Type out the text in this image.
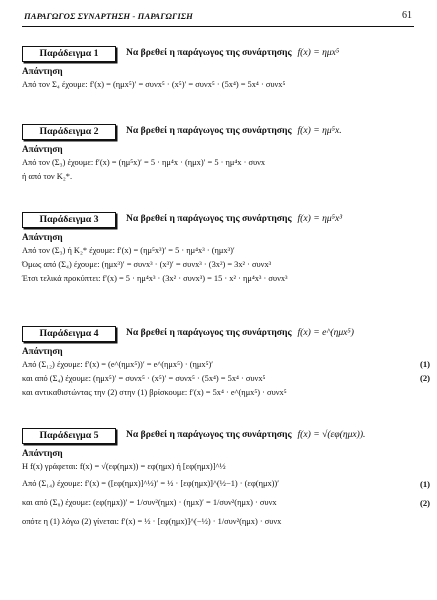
ΠΑΡΑΓΩΓΟΣ ΣΥΝΑΡΤΗΣΗ - ΠΑΡΑΓΩΓΙΣΗ	61
Παράδειγμα 1	Να βρεθεί η παράγωγος της συνάρτησης f(x) = ημx⁵
Απάντηση
Από τον Σ₄ έχουμε: f′(x) = (ημx⁵)′ = συνx⁵ · (x⁵)′ = συνx⁵ · (5x⁴) = 5x⁴ · συνx⁵
Παράδειγμα 2	Να βρεθεί η παράγωγος της συνάρτησης f(x) = ημ⁵x.
Απάντηση
Από τον (Σ₃) έχουμε: f′(x) = (ημ⁵x)′ = 5 · ημ⁴x · (ημx)′ = 5 · ημ⁴x · συνx
ή από τον K₂*.
Παράδειγμα 3	Να βρεθεί η παράγωγος της συνάρτησης f(x) = ημ⁵x³
Απάντηση
Από τον (Σ₃) ή K₂* έχουμε: f′(x) = (ημ⁵x³)′ = 5 · ημ⁴x³ · (ημx³)′
Όμως από (Σ₄) έχουμε: (ημx³)′ = συνx³ · (x³)′ = συνx³ · (3x²) = 3x² · συνx³
Έτσι τελικά προκύπτει: f′(x) = 5 · ημ⁴x³ · (3x² · συνx³) = 15 · x² · ημ⁴x³ · συνx³
Παράδειγμα 4	Να βρεθεί η παράγωγος της συνάρτησης f(x) = e^(ημx⁵)
Απάντηση
Από (Σ₁₂) έχουμε: f′(x) = (e^(ημx⁵))′ = e^(ημx⁵) · (ημx⁵)′	(1)
και από (Σ₄) έχουμε: (ημx⁵)′ = συνx⁵ · (x⁵)′ = συνx⁵ · (5x⁴) = 5x⁴ · συνx⁵	(2)
και αντικαθιστώντας την (2) στην (1) βρίσκουμε: f′(x) = 5x⁴ · e^(ημx⁵) · συνx⁵
Παράδειγμα 5	Να βρεθεί η παράγωγος της συνάρτησης f(x) = √(εφ(ημx)).
Απάντηση
Η f(x) γράφεται: f(x) = √(εφ(ημx)) = εφ(ημx) ή [εφ(ημx)]^½
Από (Σ₁₄) έχουμε: f′(x) = ([εφ(ημx)]^½)′ = ½ · [εφ(ημx)]^(½−1) · (εφ(ημx))′	(1)
και από (Σ₈) έχουμε: (εφ(ημx))′ = 1/συν²(ημx) · (ημx)′ = 1/συν²(ημx) · συνx	(2)
οπότε η (1) λόγω (2) γίνεται: f′(x) = ½ · [εφ(ημx)]^(−½) · 1/συν²(ημx) · συνx
